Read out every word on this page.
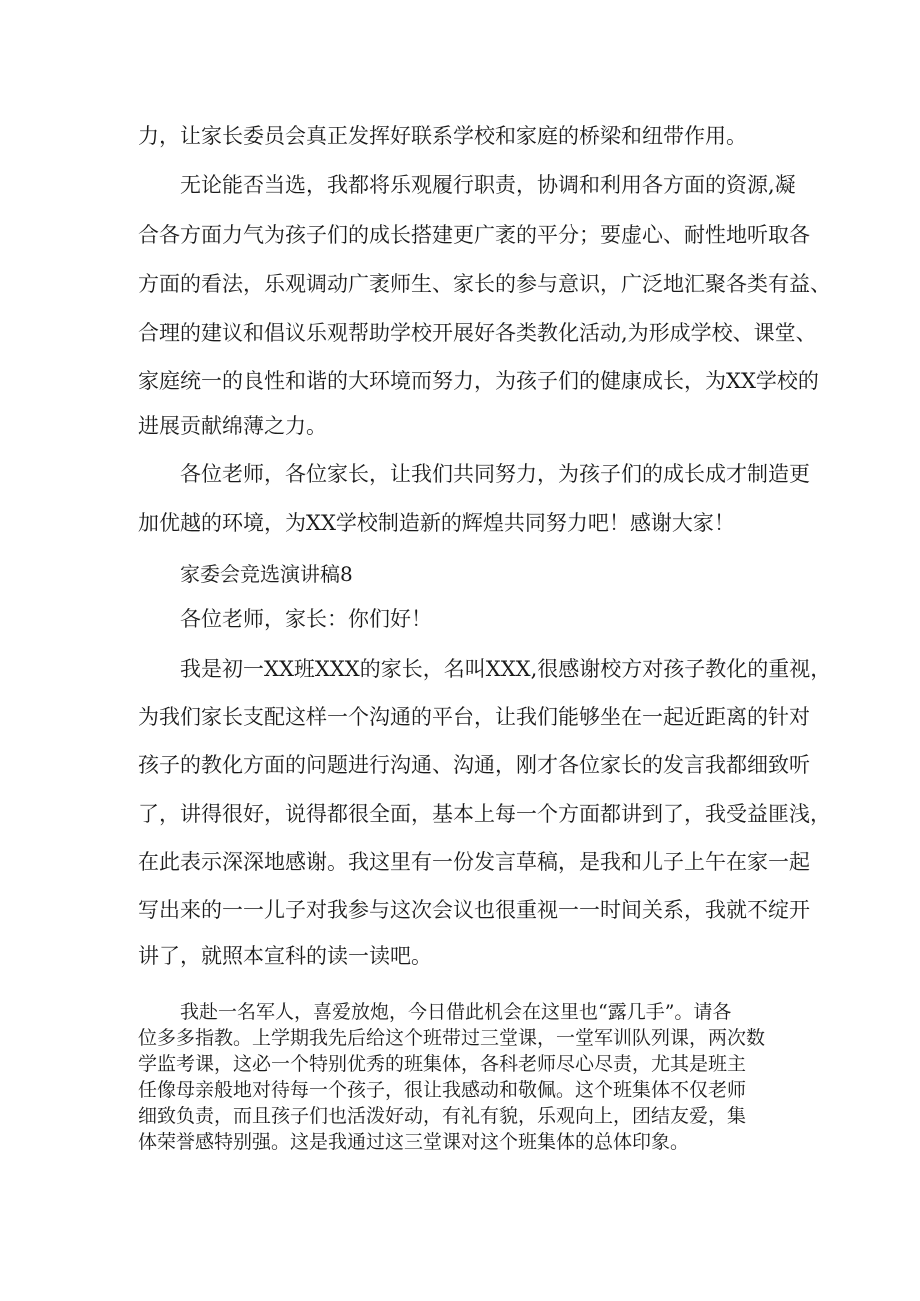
力，让家长委员会真正发挥好联系学校和家庭的桥梁和纽带作用。

无论能否当选，我都将乐观履行职责，协调和利用各方面的资源,凝

合各方面力气为孩子们的成长搭建更广袤的平分；要虚心、耐性地听取各

方面的看法，乐观调动广袤师生、家长的参与意识，广泛地汇聚各类有益、

合理的建议和倡议乐观帮助学校开展好各类教化活动,为形成学校、课堂、

家庭统一的良性和谐的大环境而努力，为孩子们的健康成长，为XX学校的

进展贡献绵薄之力。

各位老师，各位家长，让我们共同努力，为孩子们的成长成才制造更

加优越的环境，为XX学校制造新的辉煌共同努力吧！感谢大家！

家委会竞选演讲稿8

各位老师，家长：你们好！

我是初一XX班XXX的家长，名叫XXX,很感谢校方对孩子教化的重视，

为我们家长支配这样一个沟通的平台，让我们能够坐在一起近距离的针对

孩子的教化方面的问题进行沟通、沟通，刚才各位家长的发言我都细致听

了，讲得很好，说得都很全面，基本上每一个方面都讲到了，我受益匪浅，

在此表示深深地感谢。我这里有一份发言草稿，是我和儿子上午在家一起

写出来的一一儿子对我参与这次会议也很重视一一时间关系，我就不绽开

讲了，就照本宣科的读一读吧。

我赴一名军人，喜爱放炮，今日借此机会在这里也“露几手”。请各

位多多指教。上学期我先后给这个班带过三堂课，一堂军训队列课，两次数

学监考课，这必一个特别优秀的班集体，各科老师尽心尽责，尤其是班主

任像母亲般地对待每一个孩子，很让我感动和敬佩。这个班集体不仅老师

细致负责，而且孩子们也活泼好动，有礼有貌，乐观向上，团结友爱，集

体荣誉感特别强。这是我通过这三堂课对这个班集体的总体印象。
